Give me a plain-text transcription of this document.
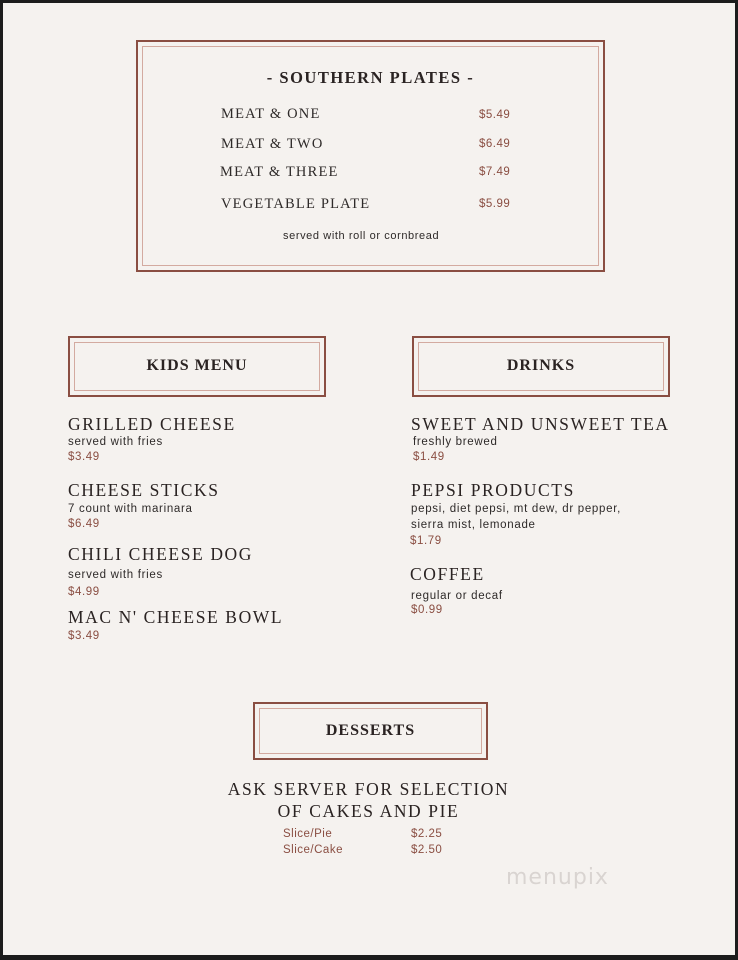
- SOUTHERN PLATES -
MEAT & ONE	$5.49
MEAT & TWO	$6.49
MEAT & THREE	$7.49
VEGETABLE PLATE	$5.99
served with roll or cornbread
KIDS MENU
GRILLED CHEESE
served with fries
$3.49
CHEESE STICKS
7 count with marinara
$6.49
CHILI CHEESE DOG
served with fries
$4.99
MAC N' CHEESE BOWL
$3.49
DRINKS
SWEET AND UNSWEET TEA
freshly brewed
$1.49
PEPSI PRODUCTS
pepsi, diet pepsi, mt dew, dr pepper,
sierra mist, lemonade
$1.79
COFFEE
regular or decaf
$0.99
DESSERTS
ASK SERVER FOR SELECTION
OF CAKES AND PIE
Slice/Pie	$2.25
Slice/Cake	$2.50
menupix
